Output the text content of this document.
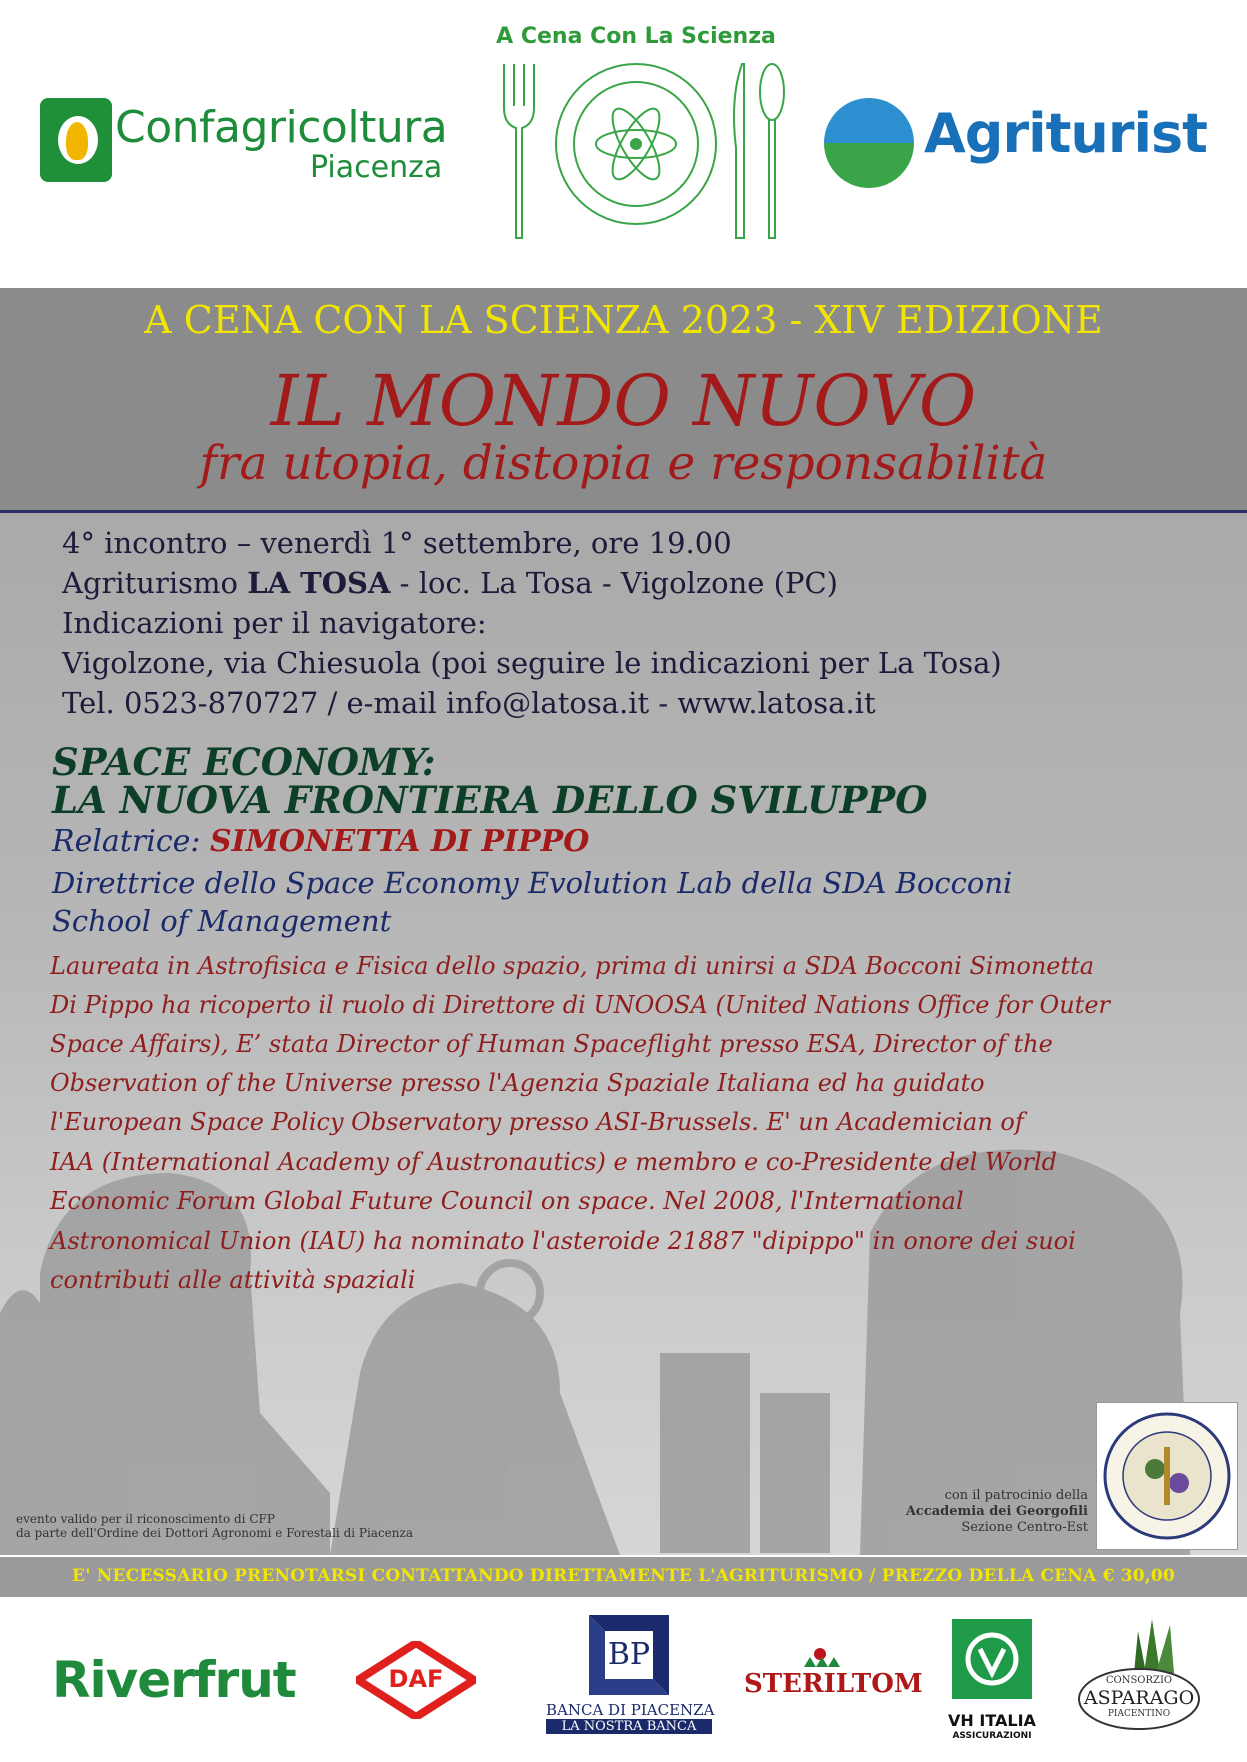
Confagricoltura
Piacenza
A Cena Con La Scienza
Agriturist
A CENA CON LA SCIENZA 2023 - XIV EDIZIONE
IL MONDO NUOVO
fra utopia, distopia e responsabilità
4° incontro – venerdì 1° settembre, ore 19.00
Agriturismo LA TOSA - loc. La Tosa - Vigolzone (PC)
Indicazioni per il navigatore:
Vigolzone, via Chiesuola (poi seguire le indicazioni per La Tosa)
Tel. 0523-870727 / e-mail info@latosa.it - www.latosa.it
SPACE ECONOMY:
LA NUOVA FRONTIERA DELLO SVILUPPO
Relatrice: SIMONETTA DI PIPPO
Direttrice dello Space Economy Evolution Lab della SDA Bocconi
School of Management
Laureata in Astrofisica e Fisica dello spazio, prima di unirsi a SDA Bocconi Simonetta
Di Pippo ha ricoperto il ruolo di Direttore di UNOOSA (United Nations Office for Outer
Space Affairs), E’ stata Director of Human Spaceflight presso ESA, Director of the
Observation of the Universe presso l'Agenzia Spaziale Italiana ed ha guidato
l'European Space Policy Observatory presso ASI-Brussels. E' un Academician of
IAA (International Academy of Austronautics) e membro e co-Presidente del World
Economic Forum Global Future Council on space. Nel 2008, l'International
Astronomical Union (IAU) ha nominato l'asteroide 21887 "dipippo" in onore dei suoi
contributi alle attività spaziali
evento valido per il riconoscimento di CFP
da parte dell'Ordine dei Dottori Agronomi e Forestali di Piacenza
con il patrocinio della
Accademia dei Georgofili
Sezione Centro-Est
E' NECESSARIO PRENOTARSI CONTATTANDO DIRETTAMENTE L'AGRITURISMO / PREZZO DELLA CENA € 30,00
Riverfrut	DAF
BP
BANCA DI PIACENZA
LA NOSTRA BANCA
STERILTOM
VH ITALIA
ASSICURAZIONI
CONSORZIO
ASPARAGO
PIACENTINO
